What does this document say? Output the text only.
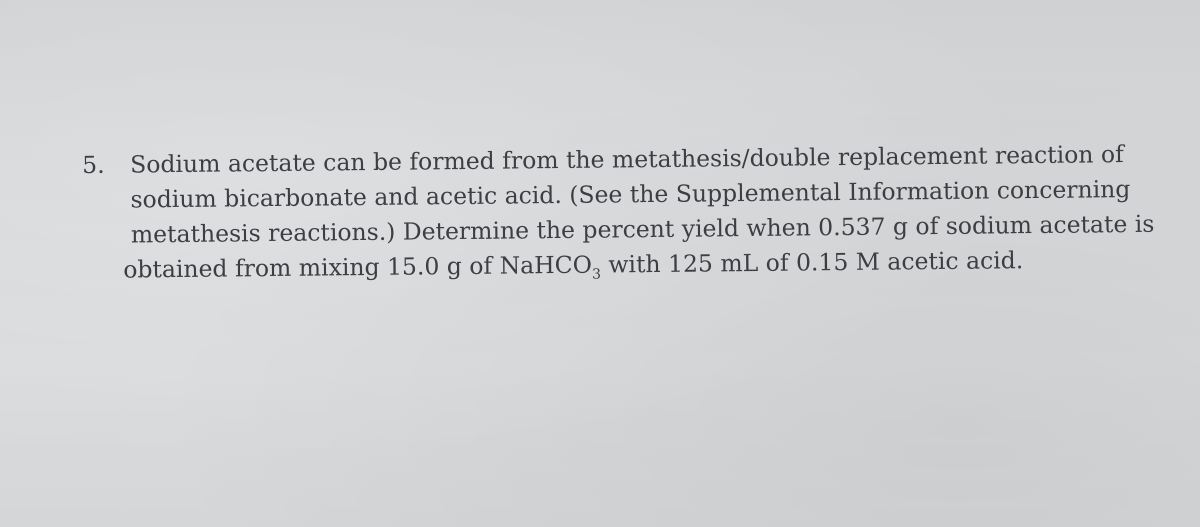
5. Sodium acetate can be formed from the metathesis/double replacement reaction of
sodium bicarbonate and acetic acid. (See the Supplemental Information concerning
metathesis reactions.) Determine the percent yield when 0.537 g of sodium acetate is
obtained from mixing 15.0 g of NaHCO$_3$ with 125 mL of 0.15 M acetic acid.
